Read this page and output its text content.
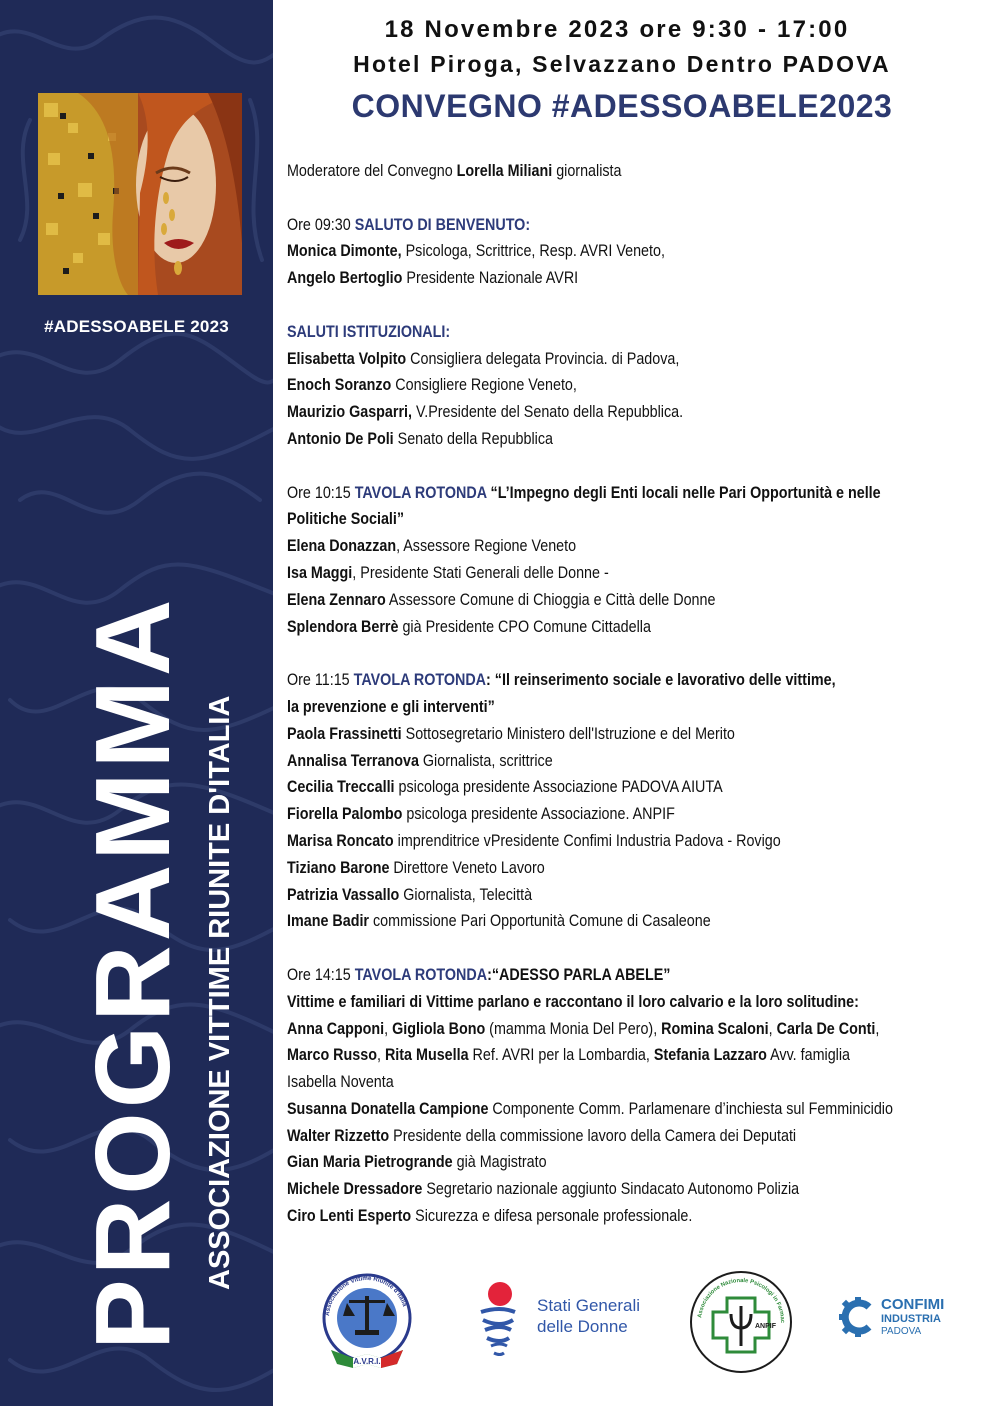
#ADESSOABELE 2023
PROGRAMMA ASSOCIAZIONE VITTIME RIUNITE D'ITALIA
18 Novembre 2023 ore 9:30 - 17:00
Hotel Piroga, Selvazzano Dentro PADOVA
CONVEGNO #ADESSOABELE2023
Moderatore del Convegno Lorella Miliani giornalista
Ore 09:30 SALUTO DI BENVENUTO:
Monica Dimonte, Psicologa, Scrittrice, Resp. AVRI Veneto,
Angelo Bertoglio Presidente Nazionale AVRI
SALUTI ISTITUZIONALI:
Elisabetta Volpito Consigliera delegata Provincia. di Padova,
Enoch Soranzo Consigliere Regione Veneto,
Maurizio Gasparri, V.Presidente del Senato della Repubblica.
Antonio De Poli Senato della Repubblica
Ore 10:15 TAVOLA ROTONDA “L’Impegno degli Enti locali nelle Pari Opportunità e nelle
Politiche Sociali”
Elena Donazzan, Assessore Regione Veneto
Isa Maggi, Presidente Stati Generali delle Donne -
Elena Zennaro Assessore Comune di Chioggia e Città delle Donne
Splendora Berrè già Presidente CPO Comune Cittadella
Ore 11:15 TAVOLA ROTONDA: “Il reinserimento sociale e lavorativo delle vittime,
la prevenzione e gli interventi”
Paola Frassinetti Sottosegretario Ministero dell'Istruzione e del Merito
Annalisa Terranova Giornalista, scrittrice
Cecilia Treccalli psicologa presidente Associazione PADOVA AIUTA
Fiorella Palombo psicologa presidente Associazione. ANPIF
Marisa Roncato imprenditrice vPresidente Confimi Industria Padova - Rovigo
Tiziano Barone Direttore Veneto Lavoro
Patrizia Vassallo Giornalista, Telecittà
Imane Badir commissione Pari Opportunità Comune di Casaleone
Ore 14:15 TAVOLA ROTONDA:“ADESSO PARLA ABELE”
Vittime e familiari di Vittime parlano e raccontano il loro calvario e la loro solitudine:
Anna Capponi, Gigliola Bono (mamma Monia Del Pero), Romina Scaloni, Carla De Conti,
Marco Russo, Rita Musella Ref. AVRI per la Lombardia, Stefania Lazzaro Avv. famiglia
Isabella Noventa
Susanna Donatella Campione Componente Comm. Parlamenare d’inchiesta sul Femminicidio
Walter Rizzetto Presidente della commissione lavoro della Camera dei Deputati
Gian Maria Pietrogrande già Magistrato
Michele Dressadore Segretario nazionale aggiunto Sindacato Autonomo Polizia
Ciro Lenti Esperto Sicurezza e difesa personale professionale.
A.V.R.I.
Associazione Vittime Riunite d'Italia	Stati Generali
delle Donne
Associazione Nazionale Psicologi in Farmac
ANPIF
CONFIMI
INDUSTRIA
PADOVA
